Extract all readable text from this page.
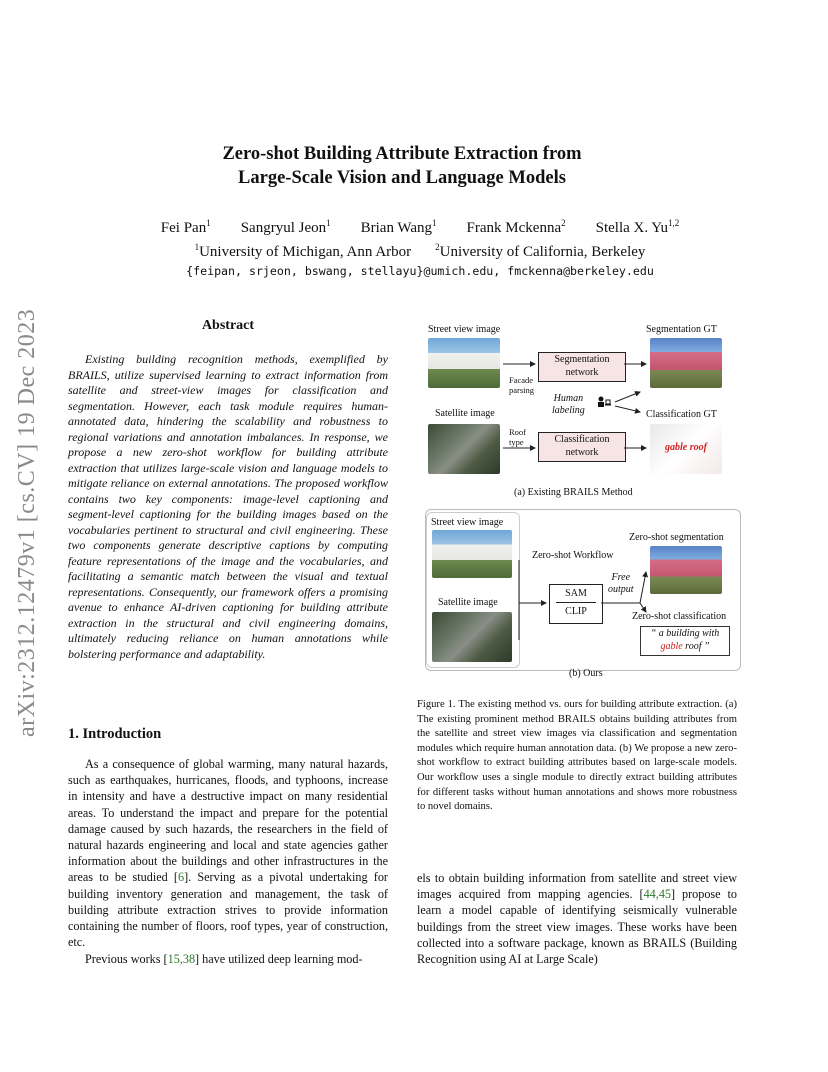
arXiv:2312.12479v1 [cs.CV] 19 Dec 2023
Zero-shot Building Attribute Extraction from
Large-Scale Vision and Language Models
Fei Pan$^1$ Sangryul Jeon$^1$ Brian Wang$^1$ Frank Mckenna$^2$ Stella X. Yu$^{1,2}$
$^1$University of Michigan, Ann Arbor	$^2$University of California, Berkeley
{feipan, srjeon, bswang, stellayu}@umich.edu, fmckenna@berkeley.edu
Abstract

Existing building recognition methods, exemplified by BRAILS, utilize supervised learning to extract information from satellite and street-view images for classification and segmentation. However, each task module requires human-annotated data, hindering the scalability and robustness to regional variations and annotation imbalances. In response, we propose a new zero-shot workflow for building attribute extraction that utilizes large-scale vision and language models to mitigate reliance on external annotations. The proposed workflow contains two key components: image-level captioning and segment-level captioning for the building images based on the vocabularies pertinent to structural and civil engineering. These two components generate descriptive captions by computing feature representations of the image and the vocabularies, and facilitating a semantic match between the visual and textual representations. Consequently, our framework offers a promising avenue to enhance AI-driven captioning for building attribute extraction in the structural and civil engineering domains, ultimately reducing reliance on human annotations while bolstering performance and adaptability.

1. Introduction

As a consequence of global warming, many natural hazards, such as earthquakes, hurricanes, floods, and typhoons, increase in intensity and have a destructive impact on many residential areas. To understand the impact and prepare for the potential damage caused by such hazards, the researchers in the field of natural hazards engineering and local and state agencies gather information about the buildings and other infrastructures in the areas to be studied [6]. Serving as a pivotal undertaking for building inventory generation and management, the task of building attribute extraction strives to provide information containing the number of floors, roof types, year of construction, etc.

Previous works [15,38] have utilized deep learning mod-

els to obtain building information from satellite and street view images acquired from mapping agencies. [44,45] propose to learn a model capable of identifying seismically vulnerable buildings from the street view images. These works have been collected into a software package, known as BRAILS (Building Recognition using AI at Large Scale)

Street view image	Segmentation GT
Facade
parsing
Segmentation
network
Human
labeling
Satellite image	Classification GT
gable roof
Roof
type	Classification
network
(a) Existing BRAILS Method
Street view image
Satellite image
Zero-shot Workflow
SAM
CLIP
Free
output
Zero-shot segmentation
Zero-shot classification
“ a building with
gable roof ”
(b) Ours

Figure 1. The existing method vs. ours for building attribute extraction. (a) The existing prominent method BRAILS obtains building attributes from the satellite and street view images via classification and segmentation modules which require human annotation data. (b) We propose a new zero-shot workflow to extract building attributes based on large-scale models. Our workflow uses a single module to directly extract building attributes for different tasks without human annotations and shows more robustness to novel domains.
